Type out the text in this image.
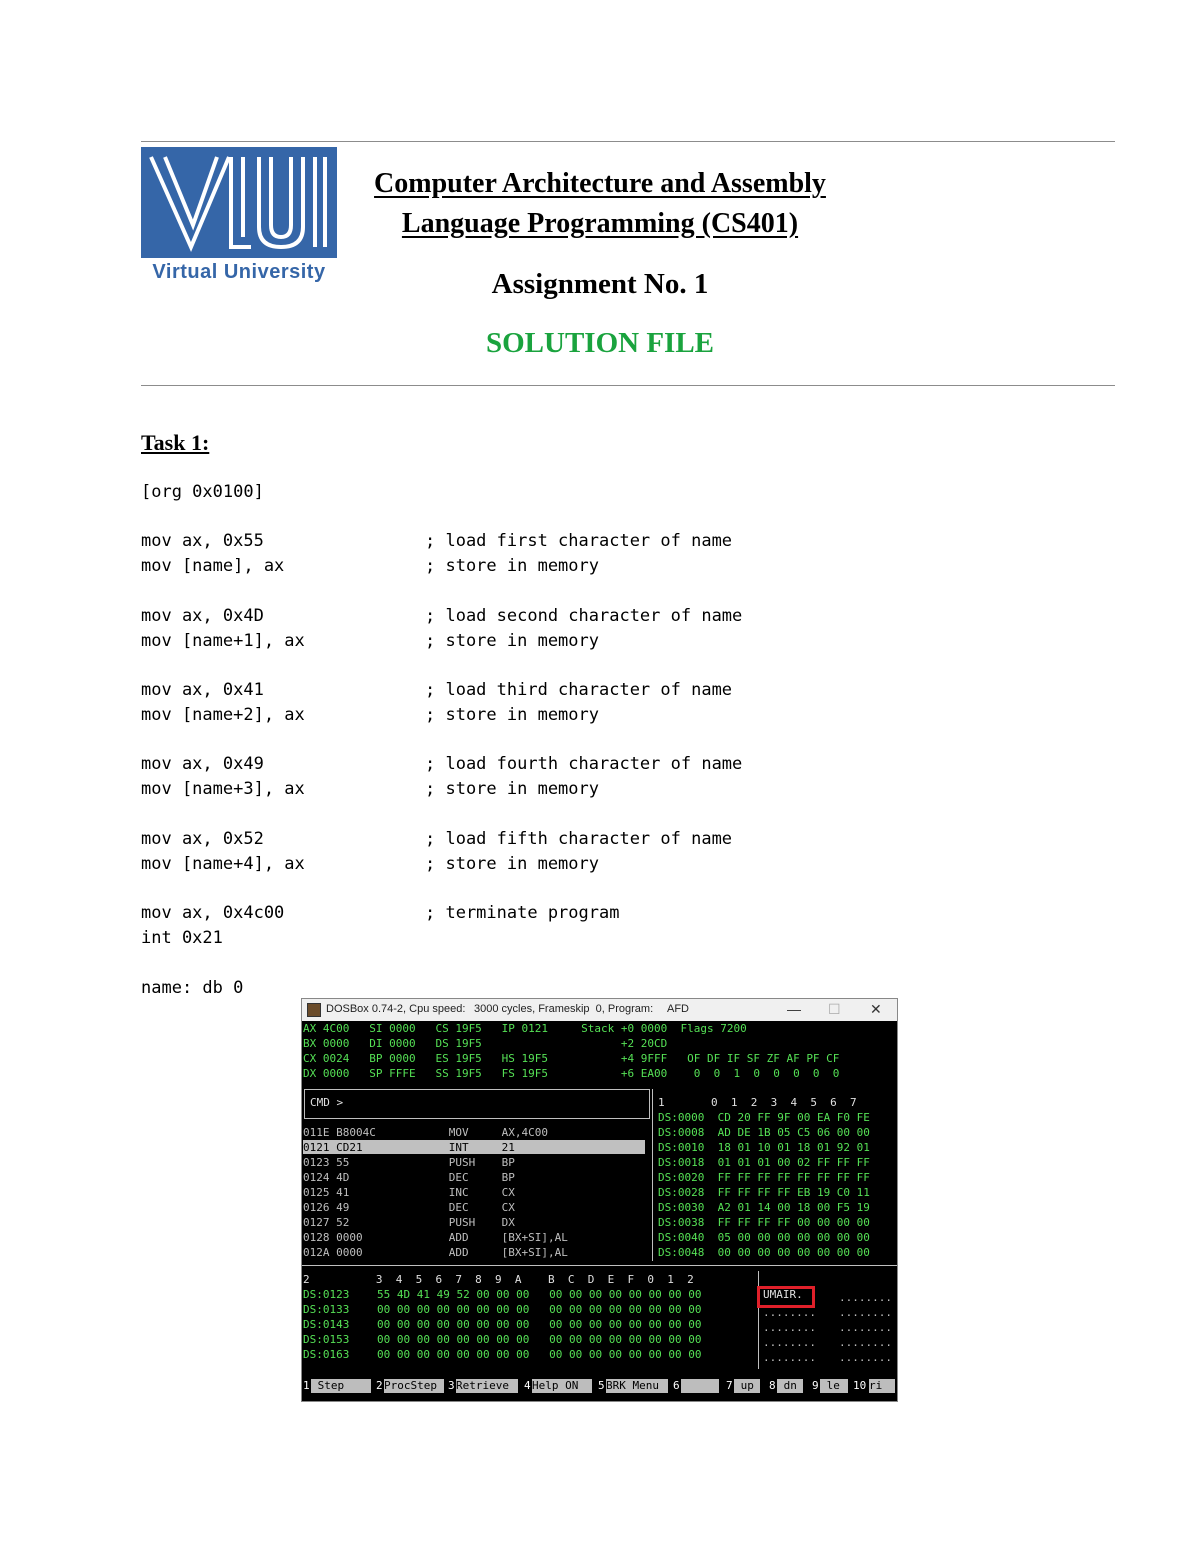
Virtual University
Computer Architecture and Assembly
Language Programming (CS401)
Assignment No. 1
SOLUTION FILE
Task 1:
[org 0x0100]
mov ax, 0x55	; load first character of name
mov [name], ax	; store in memory
mov ax, 0x4D	; load second character of name
mov [name+1], ax	; store in memory
mov ax, 0x41	; load third character of name
mov [name+2], ax	; store in memory
mov ax, 0x49	; load fourth character of name
mov [name+3], ax	; store in memory
mov ax, 0x52	; load fifth character of name
mov [name+4], ax	; store in memory
mov ax, 0x4c00	; terminate program
int 0x21
name: db 0
DOSBox 0.74-2, Cpu speed: 3000 cycles, Frameskip  0, Program: AFD	— ☐ ✕
AX 4C00   SI 0000   CS 19F5   IP 0121     Stack +0 0000  Flags 7200
BX 0000   DI 0000   DS 19F5                     +2 20CD
CX 0024   BP 0000   ES 19F5   HS 19F5           +4 9FFF   OF DF IF SF ZF AF PF CF
DX 0000   SP FFFE   SS 19F5   FS 19F5           +6 EA00    0  0  1  0  0  0  0  0
CMD >
011E B8004C           MOV     AX,4C00
0121 CD21             INT     21
0123 55               PUSH    BP
0124 4D               DEC     BP
0125 41               INC     CX
0126 49               DEC     CX
0127 52               PUSH    DX
0128 0000             ADD     [BX+SI],AL
012A 0000             ADD     [BX+SI],AL
1       0  1  2  3  4  5  6  7
DS:0000  CD 20 FF 9F 00 EA F0 FE
DS:0008  AD DE 1B 05 C5 06 00 00
DS:0010  18 01 10 01 18 01 92 01
DS:0018  01 01 01 00 02 FF FF FF
DS:0020  FF FF FF FF FF FF FF FF
DS:0028  FF FF FF FF EB 19 C0 11
DS:0030  A2 01 14 00 18 00 F5 19
DS:0038  FF FF FF FF 00 00 00 00
DS:0040  05 00 00 00 00 00 00 00
DS:0048  00 00 00 00 00 00 00 00
2          3  4  5  6  7  8  9  A    B  C  D  E  F  0  1  2
DS:0123	55 4D 41 49 52 00 00 00   00 00 00 00 00 00 00 00	UMAIR.	........
DS:0133	00 00 00 00 00 00 00 00   00 00 00 00 00 00 00 00	........ ........
DS:0143	00 00 00 00 00 00 00 00   00 00 00 00 00 00 00 00	........ ........
DS:0153	00 00 00 00 00 00 00 00   00 00 00 00 00 00 00 00	........ ........
DS:0163	00 00 00 00 00 00 00 00   00 00 00 00 00 00 00 00	........ ........

1

Step

	2

ProcStep

	3

Retrieve

	4

Help ON

	5

BRK Menu

	6

	7

up

	8

dn

	9

le

	10

ri
